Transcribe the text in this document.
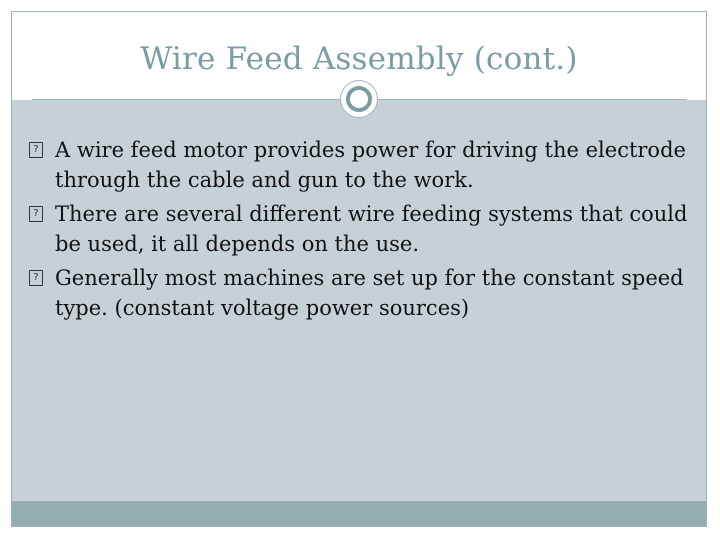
Wire Feed Assembly (cont.)
? A wire feed motor provides power for driving the electrode through the cable and gun to the work.
? There are several different wire feeding systems that could be used, it all depends on the use.
? Generally most machines are set up for the constant speed type. (constant voltage power sources)
